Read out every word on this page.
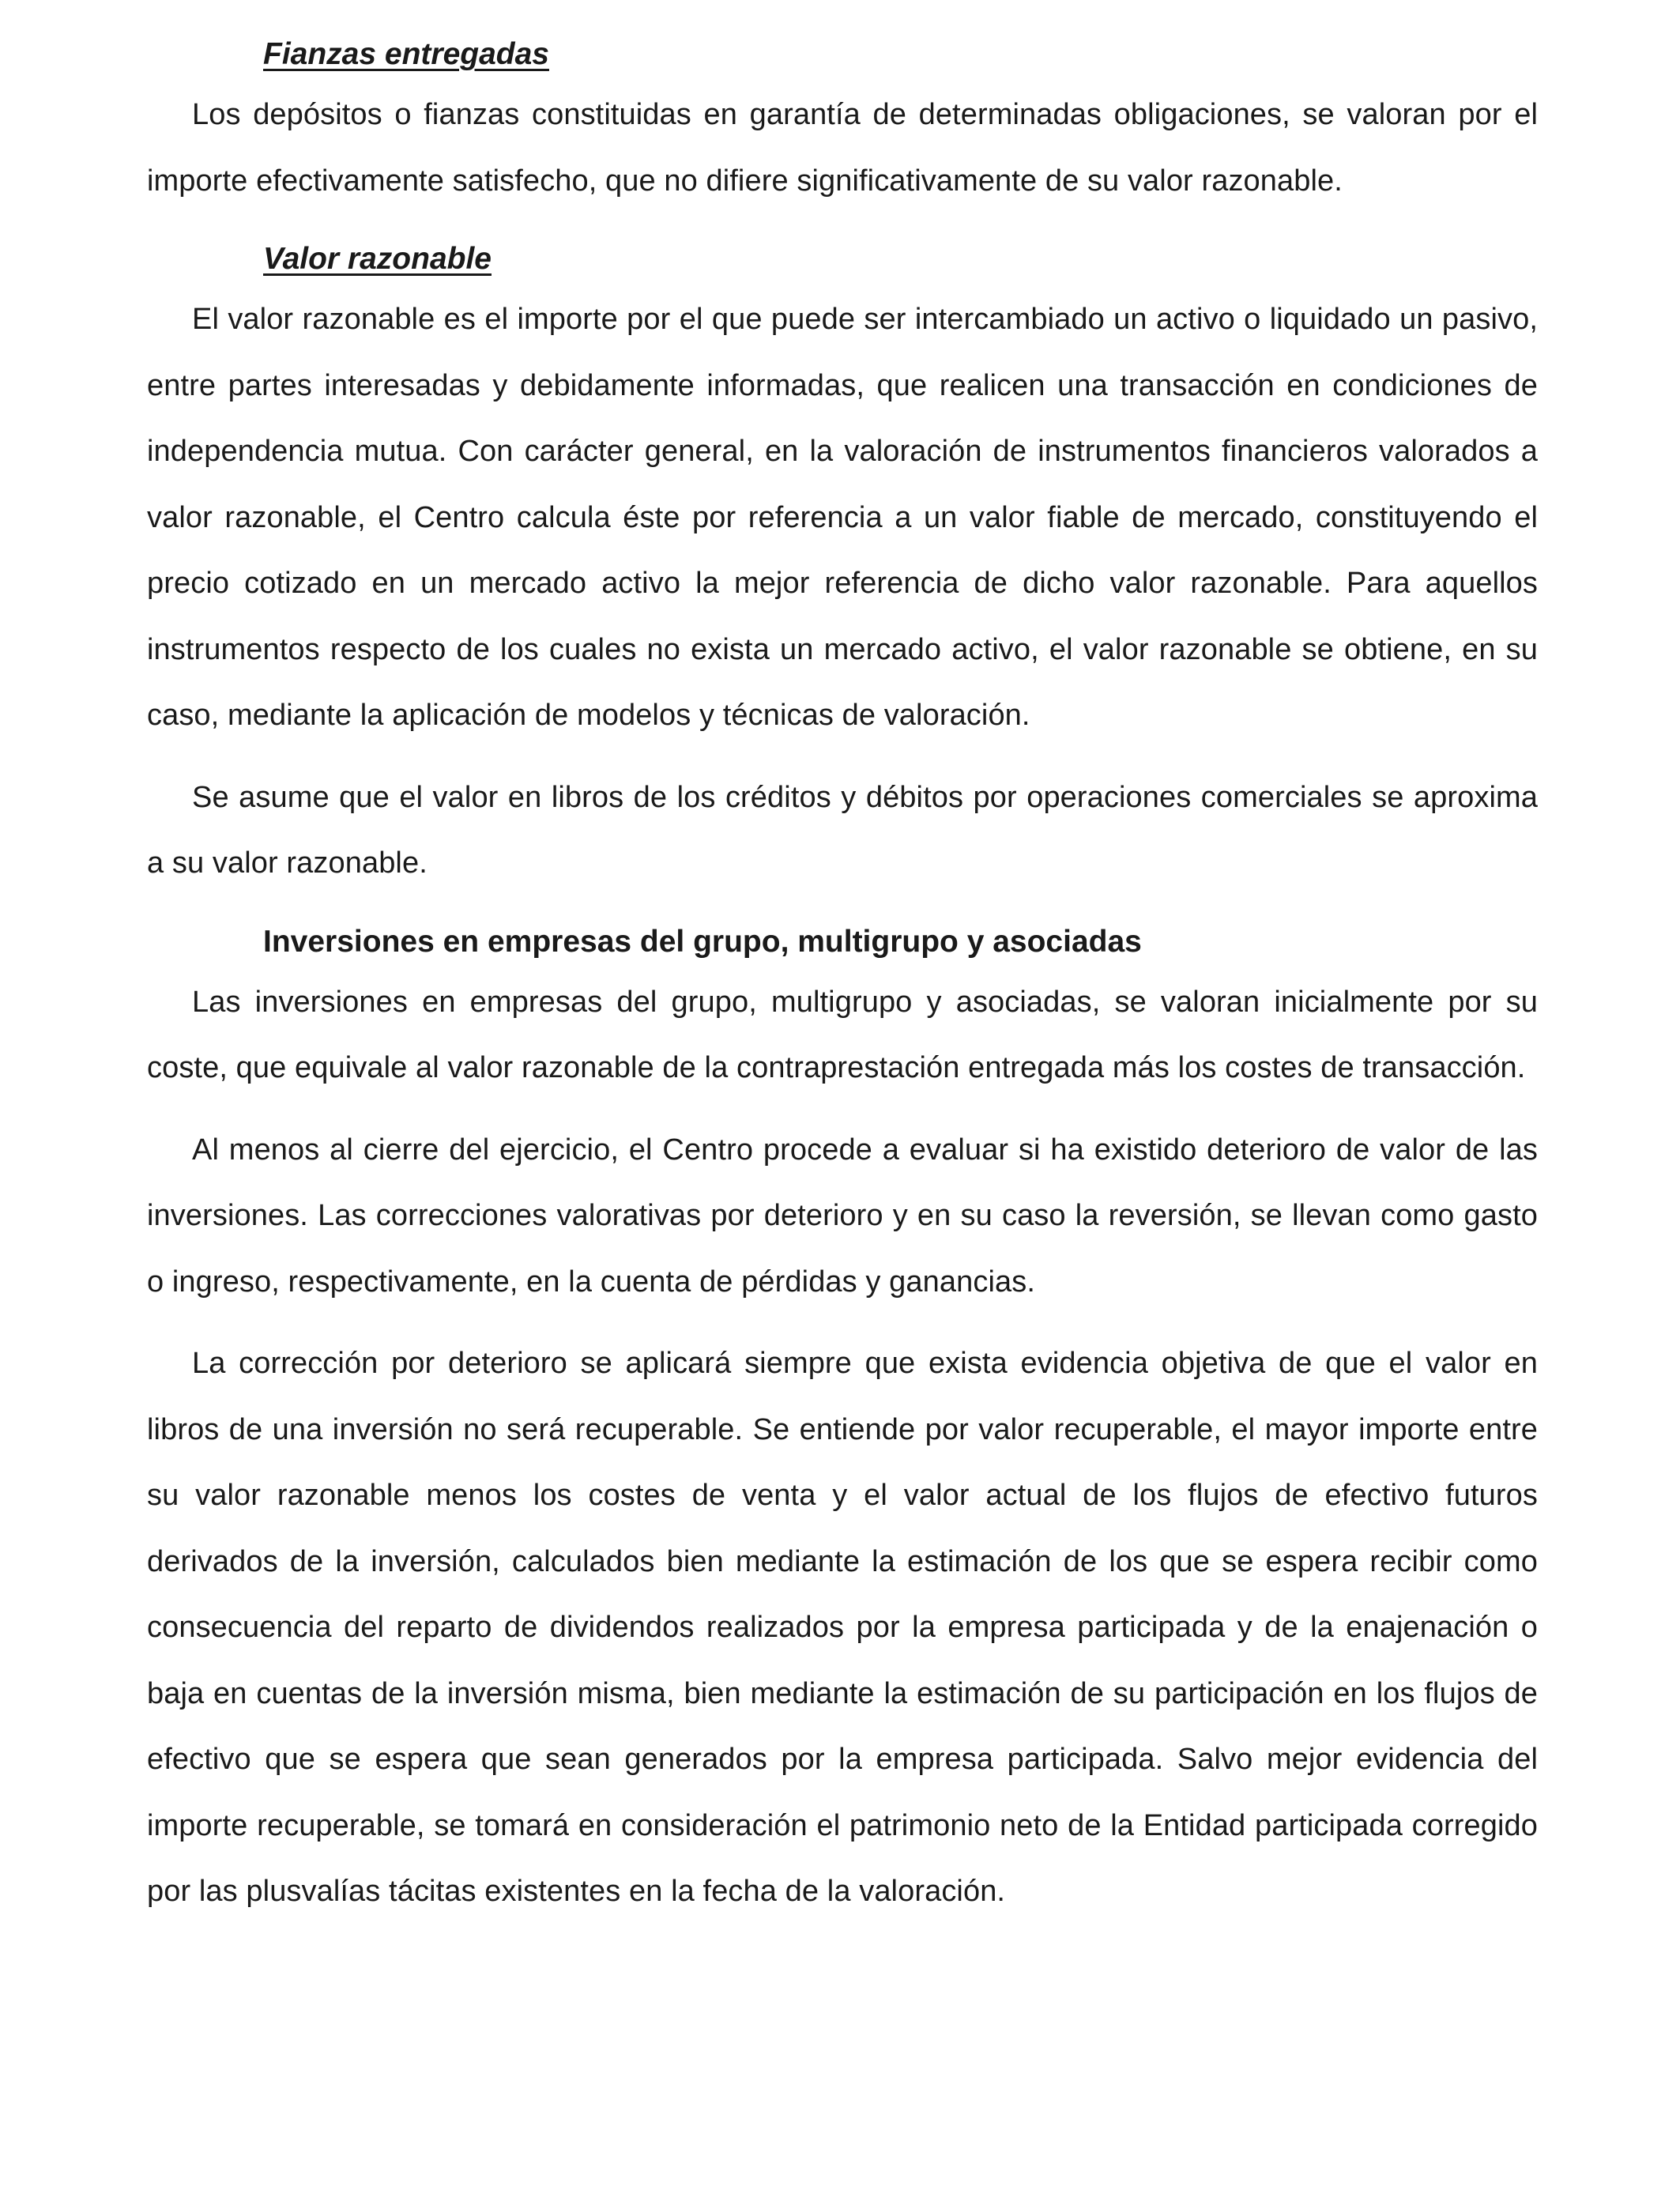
Fianzas entregadas

Los depósitos o fianzas constituidas en garantía de determinadas obligaciones, se valoran por el importe efectivamente satisfecho, que no difiere significativamente de su valor razonable.

Valor razonable

El valor razonable es el importe por el que puede ser intercambiado un activo o liquidado un pasivo, entre partes interesadas y debidamente informadas, que realicen una transacción en condiciones de independencia mutua. Con carácter general, en la valoración de instrumentos financieros valorados a valor razonable, el Centro calcula éste por referencia a un valor fiable de mercado, constituyendo el precio cotizado en un mercado activo la mejor referencia de dicho valor razonable. Para aquellos instrumentos respecto de los cuales no exista un mercado activo, el valor razonable se obtiene, en su caso, mediante la aplicación de modelos y técnicas de valoración.

Se asume que el valor en libros de los créditos y débitos por operaciones comerciales se aproxima a su valor razonable.

Inversiones en empresas del grupo, multigrupo y asociadas

Las inversiones en empresas del grupo, multigrupo y asociadas, se valoran inicialmente por su coste, que equivale al valor razonable de la contraprestación entregada más los costes de transacción.

Al menos al cierre del ejercicio, el Centro procede a evaluar si ha existido deterioro de valor de las inversiones. Las correcciones valorativas por deterioro y en su caso la reversión, se llevan como gasto o ingreso, respectivamente, en la cuenta de pérdidas y ganancias.

La corrección por deterioro se aplicará siempre que exista evidencia objetiva de que el valor en libros de una inversión no será recuperable. Se entiende por valor recuperable, el mayor importe entre su valor razonable menos los costes de venta y el valor actual de los flujos de efectivo futuros derivados de la inversión, calculados bien mediante la estimación de los que se espera recibir como consecuencia del reparto de dividendos realizados por la empresa participada y de la enajenación o baja en cuentas de la inversión misma, bien mediante la estimación de su participación en los flujos de efectivo que se espera que sean generados por la empresa participada. Salvo mejor evidencia del importe recuperable, se tomará en consideración el patrimonio neto de la Entidad participada corregido por las plusvalías tácitas existentes en la fecha de la valoración.
